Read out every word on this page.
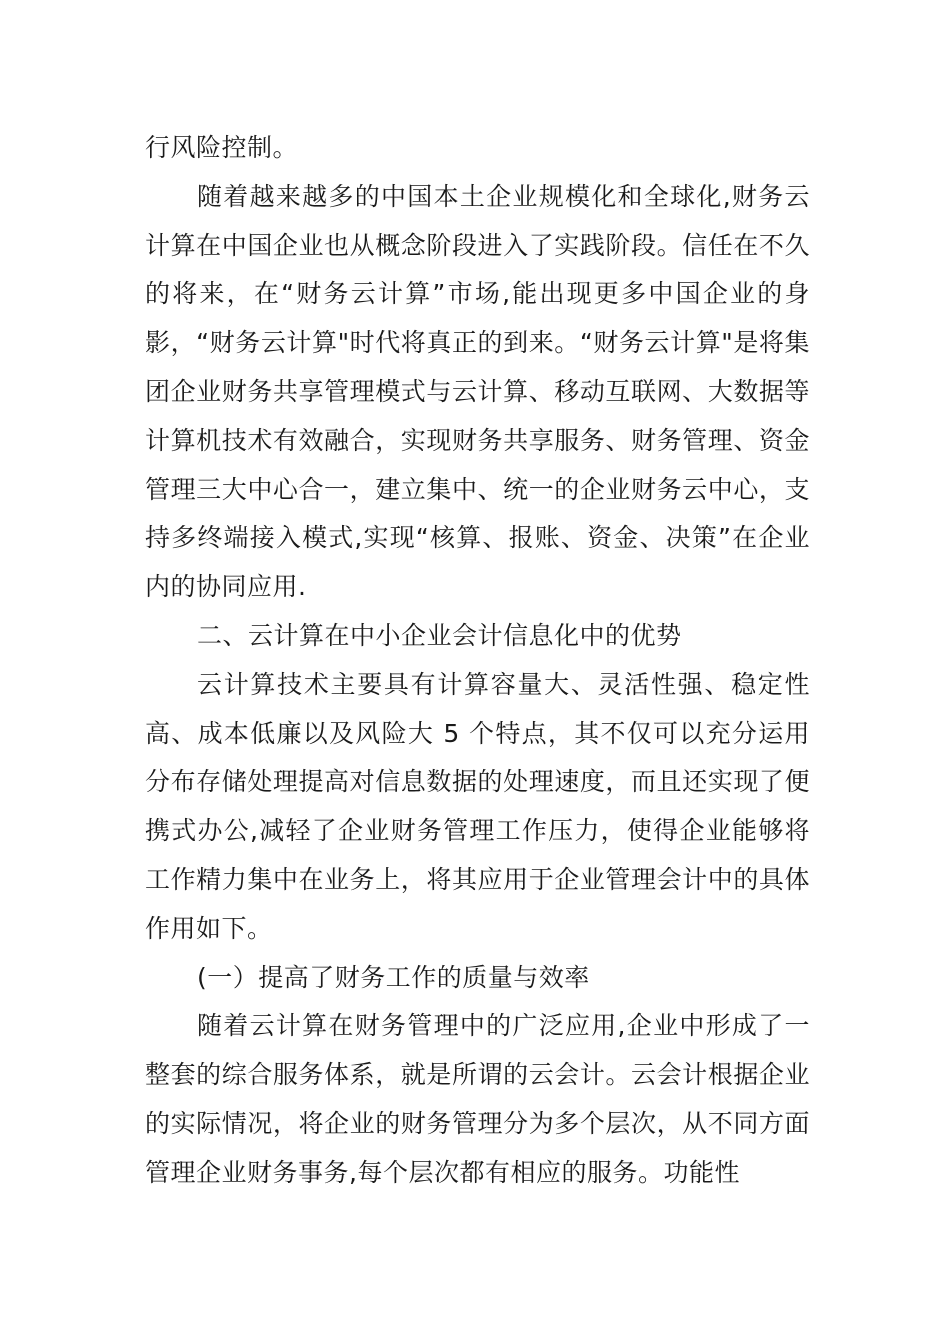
行风险控制。

随着越来越多的中国本土企业规模化和全球化,财务云计算在中国企业也从概念阶段进入了实践阶段。信任在不久的将来，在“财务云计算”市场,能出现更多中国企业的身影，“财务云计算"时代将真正的到来。“财务云计算"是将集团企业财务共享管理模式与云计算、移动互联网、大数据等计算机技术有效融合，实现财务共享服务、财务管理、资金管理三大中心合一，建立集中、统一的企业财务云中心，支持多终端接入模式,实现“核算、报账、资金、决策”在企业内的协同应用.

二、云计算在中小企业会计信息化中的优势

云计算技术主要具有计算容量大、灵活性强、稳定性高、成本低廉以及风险大 5 个特点，其不仅可以充分运用分布存储处理提高对信息数据的处理速度，而且还实现了便携式办公,减轻了企业财务管理工作压力，使得企业能够将工作精力集中在业务上，将其应用于企业管理会计中的具体作用如下。

(一）提高了财务工作的质量与效率

随着云计算在财务管理中的广泛应用,企业中形成了一整套的综合服务体系，就是所谓的云会计。云会计根据企业的实际情况，将企业的财务管理分为多个层次，从不同方面管理企业财务事务,每个层次都有相应的服务。功能性
